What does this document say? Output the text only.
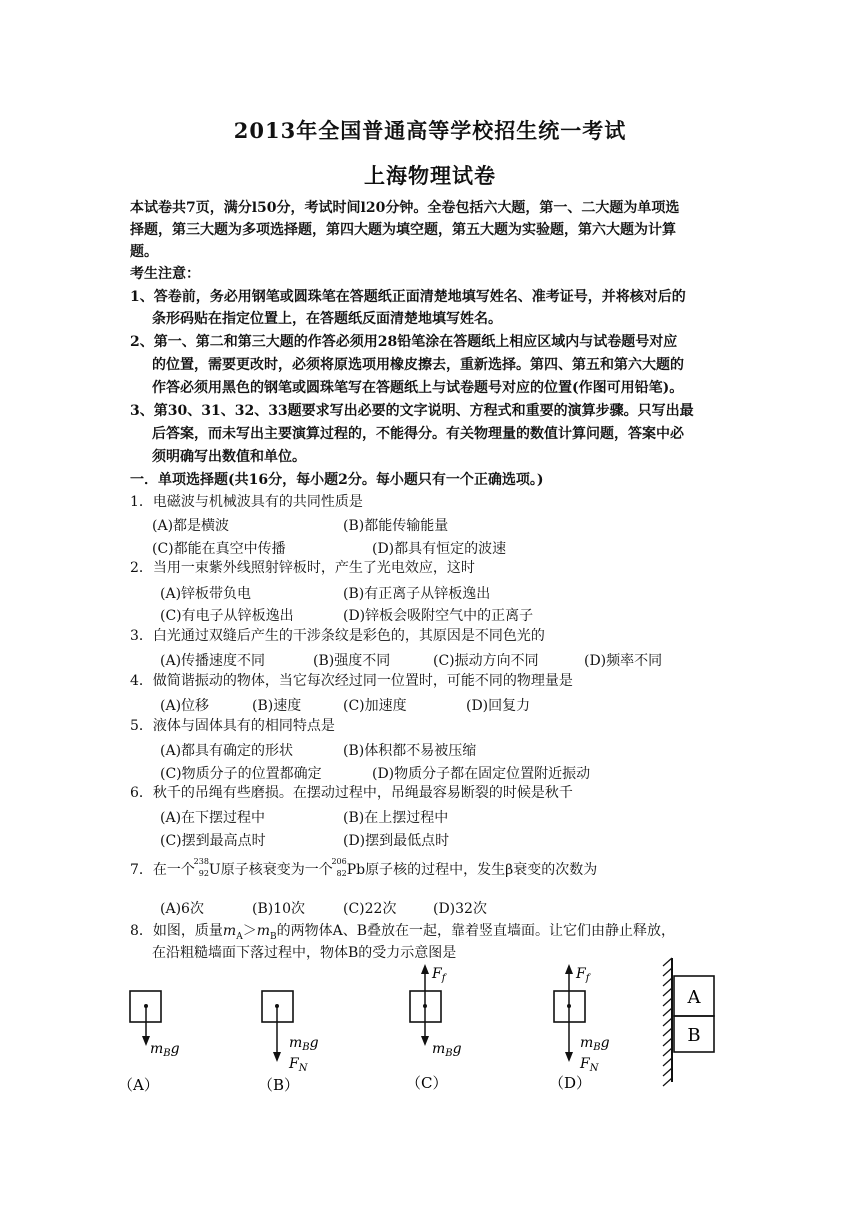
2013年全国普通高等学校招生统一考试
上海物理试卷
本试卷共7页，满分l50分，考试时间l20分钟。全卷包括六大题，第一、二大题为单项选
择题，第三大题为多项选择题，第四大题为填空题，第五大题为实验题，第六大题为计算
题。
考生注意：
1、答卷前，务必用钢笔或圆珠笔在答题纸正面清楚地填写姓名、准考证号，并将核对后的
条形码贴在指定位置上，在答题纸反面清楚地填写姓名。
2、第一、第二和第三大题的作答必须用28铅笔涂在答题纸上相应区域内与试卷题号对应
的位置，需要更改时，必须将原选项用橡皮擦去，重新选择。第四、第五和第六大题的
作答必须用黑色的钢笔或圆珠笔写在答题纸上与试卷题号对应的位置(作图可用铅笔)。
3、第30、31、32、33题要求写出必要的文字说明、方程式和重要的演算步骤。只写出最
后答案，而未写出主要演算过程的，不能得分。有关物理量的数值计算问题，答案中必
须明确写出数值和单位。
一．单项选择题(共16分，每小题2分。每小题只有一个正确选项。)
1．电磁波与机械波具有的共同性质是
(A)都是横波	(B)都能传输能量
(C)都能在真空中传播	(D)都具有恒定的波速
2．当用一束紫外线照射锌板时，产生了光电效应，这时
(A)锌板带负电	(B)有正离子从锌板逸出
(C)有电子从锌板逸出	(D)锌板会吸附空气中的正离子
3．白光通过双缝后产生的干涉条纹是彩色的，其原因是不同色光的
(A)传播速度不同	(B)强度不同	(C)振动方向不同	(D)频率不同
4．做简谐振动的物体，当它每次经过同一位置时，可能不同的物理量是
(A)位移	(B)速度	(C)加速度	(D)回复力
5．液体与固体具有的相同特点是
(A)都具有确定的形状	(B)体积都不易被压缩
(C)物质分子的位置都确定	(D)物质分子都在固定位置附近振动
6．秋千的吊绳有些磨损。在摆动过程中，吊绳最容易断裂的时候是秋千
(A)在下摆过程中	(B)在上摆过程中
(C)摆到最高点时	(D)摆到最低点时
7．在一个
238
92 U原子核衰变为一个
206
82 Pb原子核的过程中，发生β衰变的次数为
(A)6次	(B)10次	(C)22次	(D)32次
8．如图，质量$m_A>m_B$的两物体A、B叠放在一起，靠着竖直墙面。让它们由静止释放，
在沿粗糙墙面下落过程中，物体B的受力示意图是
$m_Bg$
（A）
$m_Bg$
$F_N$
（B）
$F_f$
$m_Bg$
（C）
$F_f$
$m_Bg$
$F_N$
（D）
A
B
